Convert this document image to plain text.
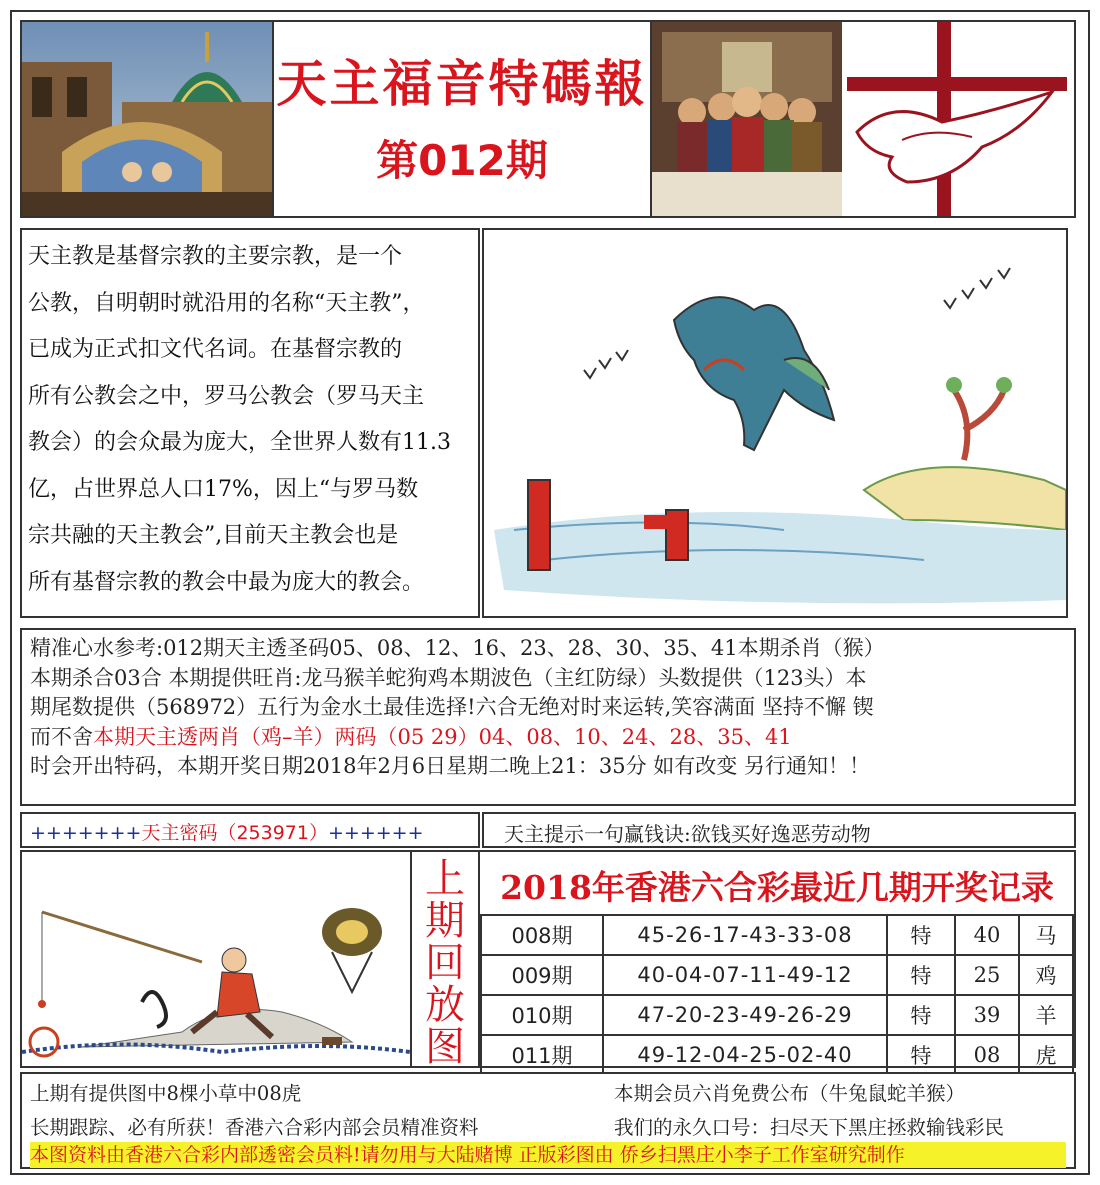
天主福音特碼報
第012期
天主教是基督宗教的主要宗教，是一个
公教，自明朝时就沿用的名称“天主教”，
已成为正式扣文代名词。在基督宗教的
所有公教会之中，罗马公教会（罗马天主
教会）的会众最为庞大，全世界人数有11.3
亿，占世界总人口17%，因上“与罗马数
宗共融的天主教会”,目前天主教会也是
所有基督宗教的教会中最为庞大的教会。
精准心水参考:012期天主透圣码05、08、12、16、23、28、30、35、41本期杀肖（猴）
本期杀合03合 本期提供旺肖:龙马猴羊蛇狗鸡本期波色（主红防绿）头数提供（123头）本
期尾数提供（568972）五行为金水土最佳选择!六合无绝对时来运转,笑容满面 坚持不懈 锲
而不舍本期天主透两肖（鸡–羊）两码（05 29）04、08、10、24、28、35、41
时会开出特码，本期开奖日期2018年2月6日星期二晚上21：35分 如有改变 另行通知！！
+++++++天主密码（253971）++++++	天主提示一句赢钱诀:欲钱买好逸恶劳动物
上期回放图
2018年香港六合彩最近几期开奖记录
008期	45-26-17-43-33-08	特	40	马
009期	40-04-07-11-49-12	特	25	鸡
010期	47-20-23-49-26-29	特	39	羊
011期	49-12-04-25-02-40	特	08	虎
上期有提供图中8棵小草中08虎	本期会员六肖免费公布（牛兔鼠蛇羊猴）
长期跟踪、必有所获！香港六合彩内部会员精准资料	我们的永久口号：扫尽天下黑庄拯救输钱彩民
本图资料由香港六合彩内部透密会员料!请勿用与大陆赌博 正版彩图由 侨乡扫黑庄小李子工作室研究制作
